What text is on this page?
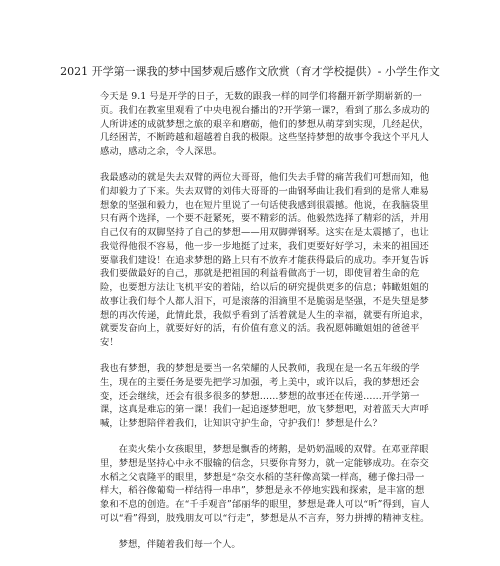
2021 开学第一课我的梦中国梦观后感作文欣赏（育才学校提供）- 小学生作文

今天是 9.1 号是开学的日子，无数的跟我一样的同学们将翻开新学期崭新的一页。我们在教室里观看了中央电视台播出的?开学第一课?，看到了那么多成功的人所讲述的成就梦想之旅的艰辛和磨砺，他们的梦想从萌芽到实现，几经起伏，几经困苦，不断跨越和超越着自我的极限。这些坚持梦想的故事令我这个平凡人感动，感动之余，令人深思。

我最感动的就是失去双臂的两位大哥哥，他们失去手臂的痛苦我们可想而知，他们却毅力了下来。失去双臂的刘伟大哥哥的一曲钢琴曲让我们看到的是常人难易想象的坚强和毅力，也在短片里说了一句话使我感到很震撼。他说，在我脑袋里只有两个选择，一个要不赶紧死，要不精彩的活。他毅然选择了精彩的活，并用自己仅有的双脚坚持了自己的梦想——用双脚弹钢琴。这实在是太震撼了，也让我觉得他很不容易，他一步一步地挺了过来，我们更要好好学习，未来的祖国还要靠我们建设！在追求梦想的路上只有不放弃才能获得最后的成功。李开复告诉我们要做最好的自己，那就是把祖国的利益看做高于一切，即使冒着生命的危险，也要想方法让飞机平安的着陆，给以后的研究提供更多的信息；韩瞰姐姐的故事让我们每个人都人泪下，可是滚落的泪滴里不是脆弱是坚强，不是失望是梦想的再次传递，此情此景，我似乎看到了活着就是人生的幸福，就要有所追求，就要发奋向上，就要好好的活，有价值有意义的活。我祝愿韩瞰姐姐的爸爸平安！

我也有梦想，我的梦想是要当一名荣耀的人民教师，我现在是一名五年级的学生，现在的主要任务是要先把学习加强，考上美中，或许以后，我的梦想还会变，还会继续，还会有很多很多的梦想……梦想的故事还在传递……开学第一课，这真是难忘的第一课！我们一起追逐梦想吧，放飞梦想吧，对着蓝天大声呼喊，让梦想陪伴着我们，让知识守护生命，守护我们！梦想是什么？

在卖火柴小女孩眼里，梦想是飘香的烤鹅，是奶奶温暖的双臂。在邓亚萍眼里，梦想是坚持心中永不服输的信念，只要你肯努力，就一定能够成功。在奈交水稻之父袁隆平的眼里，梦想是“杂交水稻的茎秆像高粱一样高，穗子像扫帚一样大，稻谷像葡萄一样结得一串串”，梦想是永不停地实践和探索，是丰富的想象和不息的创造。在“千手观音”邰丽华的眼里，梦想是聋人可以“听”得到，盲人可以“看”得到，肢残朋友可以“行走”，梦想是从不言弃，努力拼搏的精神支柱。

梦想，伴随着我们每一个人。
